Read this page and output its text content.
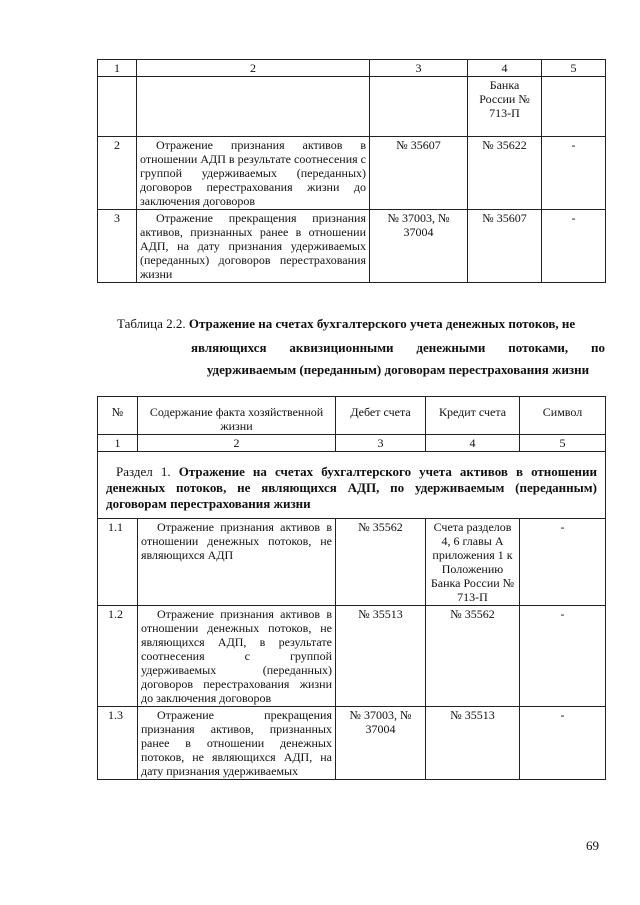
1	2	3	4	5
			Банка России № 713-П	
2	Отражение признания активов в отношении АДП в результате соотнесения с группой удерживаемых (переданных) договоров перестрахования жизни до заключения договоров	№ 35607	№ 35622	-
3	Отражение прекращения признания активов, признанных ранее в отношении АДП, на дату признания удерживаемых (переданных) договоров перестрахования жизни	№ 37003, № 37004	№ 35607	-
Таблица 2.2. Отражение на счетах бухгалтерского учета денежных потоков, не
являющихся аквизиционными денежными потоками, по
удерживаемым (переданным) договорам перестрахования жизни
№	Содержание факта хозяйственной жизни	Дебет счета	Кредит счета	Символ
1	2	3	4	5
Раздел 1. Отражение на счетах бухгалтерского учета активов в отношении денежных потоков, не являющихся АДП, по удерживаемым (переданным) договорам перестрахования жизни				
1.1	Отражение признания активов в отношении денежных потоков, не являющихся АДП	№ 35562	Счета разделов 4, 6 главы А приложения 1 к Положению Банка России № 713-П	-
1.2	Отражение признания активов в отношении денежных потоков, не являющихся АДП, в результате соотнесения с группой удерживаемых (переданных) договоров перестрахования жизни до заключения договоров	№ 35513	№ 35562	-
1.3	Отражение прекращения признания активов, признанных ранее в отношении денежных потоков, не являющихся АДП, на дату признания удерживаемых	№ 37003, № 37004	№ 35513	-
69
